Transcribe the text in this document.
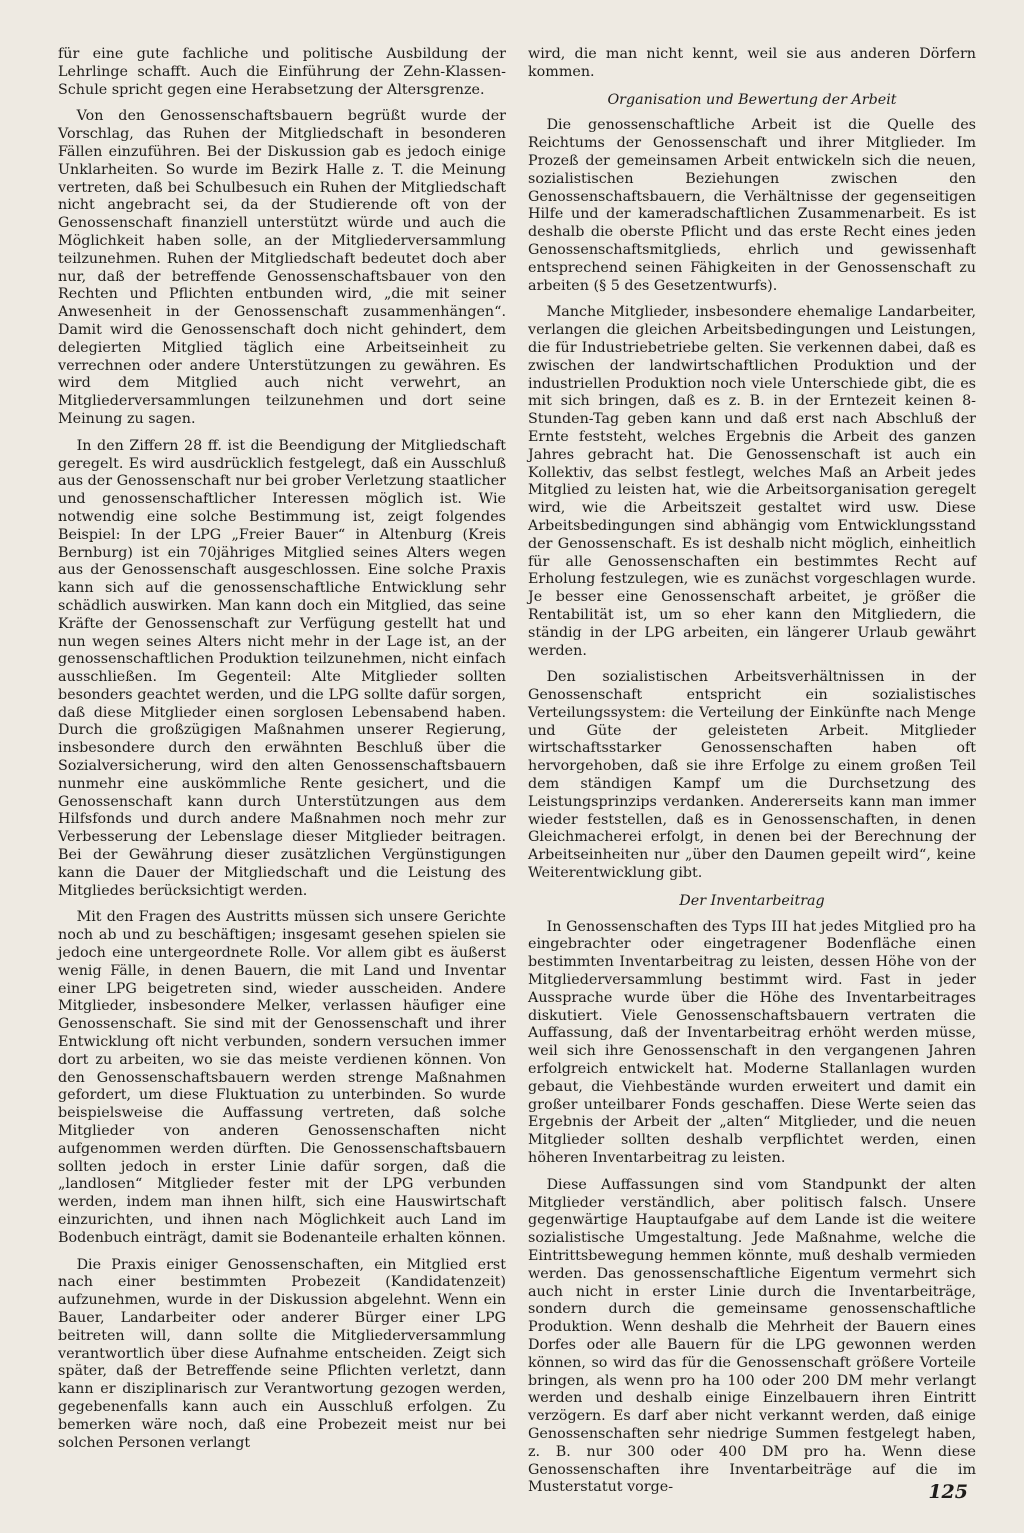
für eine gute fachliche und politische Ausbildung der Lehrlinge schafft. Auch die Einführung der Zehn-Klassen-Schule spricht gegen eine Herabsetzung der Altersgrenze.

Von den Genossenschaftsbauern begrüßt wurde der Vorschlag, das Ruhen der Mitgliedschaft in besonderen Fällen einzuführen. Bei der Diskussion gab es jedoch einige Unklarheiten. So wurde im Bezirk Halle z. T. die Meinung vertreten, daß bei Schulbesuch ein Ruhen der Mitgliedschaft nicht angebracht sei, da der Studierende oft von der Genossenschaft finanziell unterstützt würde und auch die Möglichkeit haben solle, an der Mitgliederversammlung teilzunehmen. Ruhen der Mitgliedschaft bedeutet doch aber nur, daß der betreffende Genossenschaftsbauer von den Rechten und Pflichten entbunden wird, „die mit seiner Anwesenheit in der Genossenschaft zusammenhängen“. Damit wird die Genossenschaft doch nicht gehindert, dem delegierten Mitglied täglich eine Arbeitseinheit zu verrechnen oder andere Unterstützungen zu gewähren. Es wird dem Mitglied auch nicht verwehrt, an Mitgliederversammlungen teilzunehmen und dort seine Meinung zu sagen.

In den Ziffern 28 ff. ist die Beendigung der Mitgliedschaft geregelt. Es wird ausdrücklich festgelegt, daß ein Ausschluß aus der Genossenschaft nur bei grober Verletzung staatlicher und genossenschaftlicher Interessen möglich ist. Wie notwendig eine solche Bestimmung ist, zeigt folgendes Beispiel: In der LPG „Freier Bauer“ in Altenburg (Kreis Bernburg) ist ein 70jähriges Mitglied seines Alters wegen aus der Genossenschaft ausgeschlossen. Eine solche Praxis kann sich auf die genossenschaftliche Entwicklung sehr schädlich auswirken. Man kann doch ein Mitglied, das seine Kräfte der Genossenschaft zur Verfügung gestellt hat und nun wegen seines Alters nicht mehr in der Lage ist, an der genossenschaftlichen Produktion teilzunehmen, nicht einfach ausschließen. Im Gegenteil: Alte Mitglieder sollten besonders geachtet werden, und die LPG sollte dafür sorgen, daß diese Mitglieder einen sorglosen Lebensabend haben. Durch die großzügigen Maßnahmen unserer Regierung, insbesondere durch den erwähnten Beschluß über die Sozialversicherung, wird den alten Genossenschaftsbauern nunmehr eine auskömmliche Rente gesichert, und die Genossenschaft kann durch Unterstützungen aus dem Hilfsfonds und durch andere Maßnahmen noch mehr zur Verbesserung der Lebenslage dieser Mitglieder beitragen. Bei der Gewährung dieser zusätzlichen Vergünstigungen kann die Dauer der Mitgliedschaft und die Leistung des Mitgliedes berücksichtigt werden.

Mit den Fragen des Austritts müssen sich unsere Gerichte noch ab und zu beschäftigen; insgesamt gesehen spielen sie jedoch eine untergeordnete Rolle. Vor allem gibt es äußerst wenig Fälle, in denen Bauern, die mit Land und Inventar einer LPG beigetreten sind, wieder ausscheiden. Andere Mitglieder, insbesondere Melker, verlassen häufiger eine Genossenschaft. Sie sind mit der Genossenschaft und ihrer Entwicklung oft nicht verbunden, sondern versuchen immer dort zu arbeiten, wo sie das meiste verdienen können. Von den Genossenschaftsbauern werden strenge Maßnahmen gefordert, um diese Fluktuation zu unterbinden. So wurde beispielsweise die Auffassung vertreten, daß solche Mitglieder von anderen Genossenschaften nicht aufgenommen werden dürften. Die Genossenschaftsbauern sollten jedoch in erster Linie dafür sorgen, daß die „landlosen“ Mitglieder fester mit der LPG verbunden werden, indem man ihnen hilft, sich eine Hauswirtschaft einzurichten, und ihnen nach Möglichkeit auch Land im Bodenbuch einträgt, damit sie Bodenanteile erhalten können.

Die Praxis einiger Genossenschaften, ein Mitglied erst nach einer bestimmten Probezeit (Kandidatenzeit) aufzunehmen, wurde in der Diskussion abgelehnt. Wenn ein Bauer, Landarbeiter oder anderer Bürger einer LPG beitreten will, dann sollte die Mitgliederversammlung verantwortlich über diese Aufnahme entscheiden. Zeigt sich später, daß der Betreffende seine Pflichten verletzt, dann kann er disziplinarisch zur Verantwortung gezogen werden, gegebenenfalls kann auch ein Ausschluß erfolgen. Zu bemerken wäre noch, daß eine Probezeit meist nur bei solchen Personen verlangt

wird, die man nicht kennt, weil sie aus anderen Dörfern kommen.

Organisation und Bewertung der Arbeit

Die genossenschaftliche Arbeit ist die Quelle des Reichtums der Genossenschaft und ihrer Mitglieder. Im Prozeß der gemeinsamen Arbeit entwickeln sich die neuen, sozialistischen Beziehungen zwischen den Genossenschaftsbauern, die Verhältnisse der gegenseitigen Hilfe und der kameradschaftlichen Zusammenarbeit. Es ist deshalb die oberste Pflicht und das erste Recht eines jeden Genossenschaftsmitglieds, ehrlich und gewissenhaft entsprechend seinen Fähigkeiten in der Genossenschaft zu arbeiten (§ 5 des Gesetzentwurfs).

Manche Mitglieder, insbesondere ehemalige Landarbeiter, verlangen die gleichen Arbeitsbedingungen und Leistungen, die für Industriebetriebe gelten. Sie verkennen dabei, daß es zwischen der landwirtschaftlichen Produktion und der industriellen Produktion noch viele Unterschiede gibt, die es mit sich bringen, daß es z. B. in der Erntezeit keinen 8-Stunden-Tag geben kann und daß erst nach Abschluß der Ernte feststeht, welches Ergebnis die Arbeit des ganzen Jahres gebracht hat. Die Genossenschaft ist auch ein Kollektiv, das selbst festlegt, welches Maß an Arbeit jedes Mitglied zu leisten hat, wie die Arbeitsorganisation geregelt wird, wie die Arbeitszeit gestaltet wird usw. Diese Arbeitsbedingungen sind abhängig vom Entwicklungsstand der Genossenschaft. Es ist deshalb nicht möglich, einheitlich für alle Genossenschaften ein bestimmtes Recht auf Erholung festzulegen, wie es zunächst vorgeschlagen wurde. Je besser eine Genossenschaft arbeitet, je größer die Rentabilität ist, um so eher kann den Mitgliedern, die ständig in der LPG arbeiten, ein längerer Urlaub gewährt werden.

Den sozialistischen Arbeitsverhältnissen in der Genossenschaft entspricht ein sozialistisches Verteilungssystem: die Verteilung der Einkünfte nach Menge und Güte der geleisteten Arbeit. Mitglieder wirtschaftsstarker Genossenschaften haben oft hervorgehoben, daß sie ihre Erfolge zu einem großen Teil dem ständigen Kampf um die Durchsetzung des Leistungsprinzips verdanken. Andererseits kann man immer wieder feststellen, daß es in Genossenschaften, in denen Gleichmacherei erfolgt, in denen bei der Berechnung der Arbeitseinheiten nur „über den Daumen gepeilt wird“, keine Weiterentwicklung gibt.

Der Inventarbeitrag

In Genossenschaften des Typs III hat jedes Mitglied pro ha eingebrachter oder eingetragener Bodenfläche einen bestimmten Inventarbeitrag zu leisten, dessen Höhe von der Mitgliederversammlung bestimmt wird. Fast in jeder Aussprache wurde über die Höhe des Inventarbeitrages diskutiert. Viele Genossenschaftsbauern vertraten die Auffassung, daß der Inventarbeitrag erhöht werden müsse, weil sich ihre Genossenschaft in den vergangenen Jahren erfolgreich entwickelt hat. Moderne Stallanlagen wurden gebaut, die Viehbestände wurden erweitert und damit ein großer unteilbarer Fonds geschaffen. Diese Werte seien das Ergebnis der Arbeit der „alten“ Mitglieder, und die neuen Mitglieder sollten deshalb verpflichtet werden, einen höheren Inventarbeitrag zu leisten.

Diese Auffassungen sind vom Standpunkt der alten Mitglieder verständlich, aber politisch falsch. Unsere gegenwärtige Hauptaufgabe auf dem Lande ist die weitere sozialistische Umgestaltung. Jede Maßnahme, welche die Eintrittsbewegung hemmen könnte, muß deshalb vermieden werden. Das genossenschaftliche Eigentum vermehrt sich auch nicht in erster Linie durch die Inventarbeiträge, sondern durch die gemeinsame genossenschaftliche Produktion. Wenn deshalb die Mehrheit der Bauern eines Dorfes oder alle Bauern für die LPG gewonnen werden können, so wird das für die Genossenschaft größere Vorteile bringen, als wenn pro ha 100 oder 200 DM mehr verlangt werden und deshalb einige Einzelbauern ihren Eintritt verzögern. Es darf aber nicht verkannt werden, daß einige Genossenschaften sehr niedrige Summen festgelegt haben, z. B. nur 300 oder 400 DM pro ha. Wenn diese Genossenschaften ihre Inventarbeiträge auf die im Musterstatut vorge-	125
